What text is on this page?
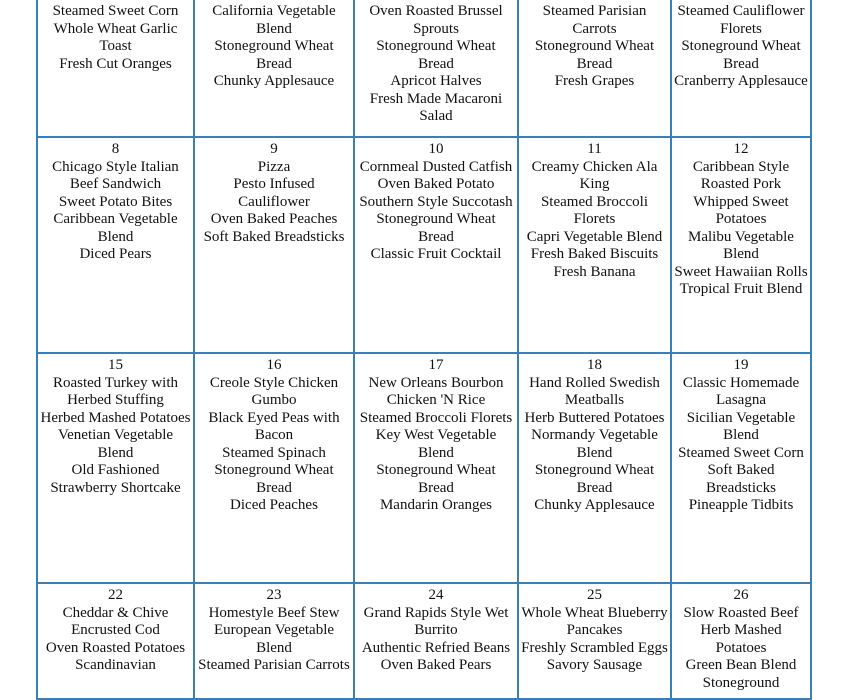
Steamed Sweet Corn
Whole Wheat Garlic Toast
Fresh Cut Oranges
California Vegetable Blend
Stoneground Wheat Bread
Chunky Applesauce
Oven Roasted Brussel Sprouts
Stoneground Wheat Bread
Apricot Halves
Fresh Made Macaroni Salad
Steamed Parisian Carrots
Stoneground Wheat Bread
Fresh Grapes
Steamed Cauliflower Florets
Stoneground Wheat Bread
Cranberry Applesauce
8
Chicago Style Italian Beef Sandwich
Sweet Potato Bites
Caribbean Vegetable Blend
Diced Pears
9
Pizza
Pesto Infused Cauliflower
Oven Baked Peaches
Soft Baked Breadsticks
10
Cornmeal Dusted Catfish
Oven Baked Potato
Southern Style Succotash
Stoneground Wheat Bread
Classic Fruit Cocktail
11
Creamy Chicken Ala King
Steamed Broccoli Florets
Capri Vegetable Blend
Fresh Baked Biscuits
Fresh Banana
12
Caribbean Style Roasted Pork
Whipped Sweet Potatoes
Malibu Vegetable Blend
Sweet Hawaiian Rolls
Tropical Fruit Blend
15
Roasted Turkey with Herbed Stuffing
Herbed Mashed Potatoes
Venetian Vegetable Blend
Old Fashioned Strawberry Shortcake
16
Creole Style Chicken Gumbo
Black Eyed Peas with Bacon
Steamed Spinach
Stoneground Wheat Bread
Diced Peaches
17
New Orleans Bourbon Chicken 'N Rice
Steamed Broccoli Florets
Key West Vegetable Blend
Stoneground Wheat Bread
Mandarin Oranges
18
Hand Rolled Swedish Meatballs
Herb Buttered Potatoes
Normandy Vegetable Blend
Stoneground Wheat Bread
Chunky Applesauce
19
Classic Homemade Lasagna
Sicilian Vegetable Blend
Steamed Sweet Corn
Soft Baked Breadsticks
Pineapple Tidbits
22
Cheddar & Chive Encrusted Cod
Oven Roasted Potatoes
Scandinavian
23
Homestyle Beef Stew
European Vegetable Blend
Steamed Parisian Carrots
24
Grand Rapids Style Wet Burrito
Authentic Refried Beans
Oven Baked Pears
25
Whole Wheat Blueberry Pancakes
Freshly Scrambled Eggs
Savory Sausage
26
Slow Roasted Beef
Herb Mashed Potatoes
Green Bean Blend
Stoneground
